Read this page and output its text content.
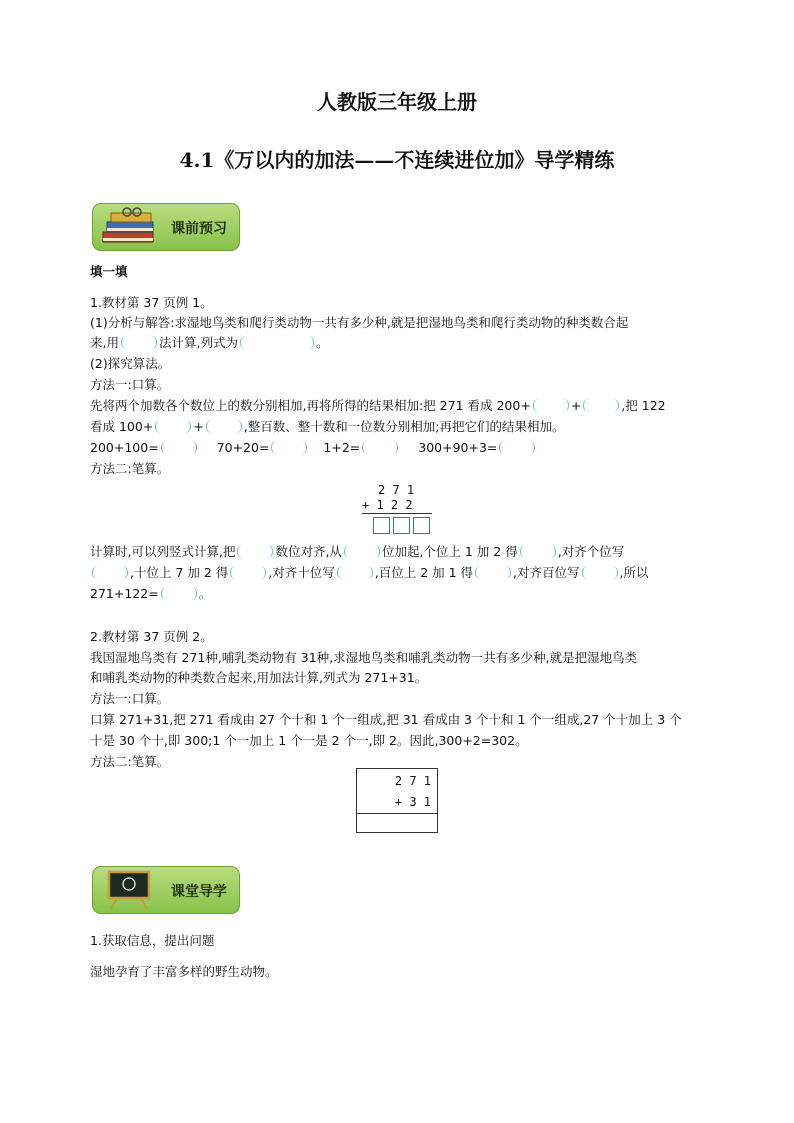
人教版三年级上册
4.1《万以内的加法——不连续进位加》导学精练
课前预习
填一填
1.教材第 37 页例 1。
(1)分析与解答:求湿地鸟类和爬行类动物一共有多少种,就是把湿地鸟类和爬行类动物的种类数合起
来,用	法计算,列式为	。
(2)探究算法。
方法一:口算。
先将两个加数各个数位上的数分别相加,再将所得的结果相加:把 271 看成 200+	+	,把 122
看成 100+	+	,整百数、整十数和一位数分别相加;再把它们的结果相加。
200+100=	70+20=	1+2=	300+90+3=
方法二:笔算。
2 7 1
+ 1 2 2
计算时,可以列竖式计算,把	数位对齐,从	位加起,个位上 1 加 2 得	,对齐个位写
,十位上 7 加 2 得	,对齐十位写	,百位上 2 加 1 得	,对齐百位写	,所以
271+122=	。
2.教材第 37 页例 2。
我国湿地鸟类有 271种,哺乳类动物有 31种,求湿地鸟类和哺乳类动物一共有多少种,就是把湿地鸟类
和哺乳类动物的种类数合起来,用加法计算,列式为 271+31。
方法一:口算。
口算 271+31,把 271 看成由 27 个十和 1 个一组成,把 31 看成由 3 个十和 1 个一组成,27 个十加上 3 个
十是 30 个十,即 300;1 个一加上 1 个一是 2 个一,即 2。因此,300+2=302。
方法二:笔算。
2 7 1
+ 3 1
课堂导学
1.获取信息，提出问题
湿地孕育了丰富多样的野生动物。
